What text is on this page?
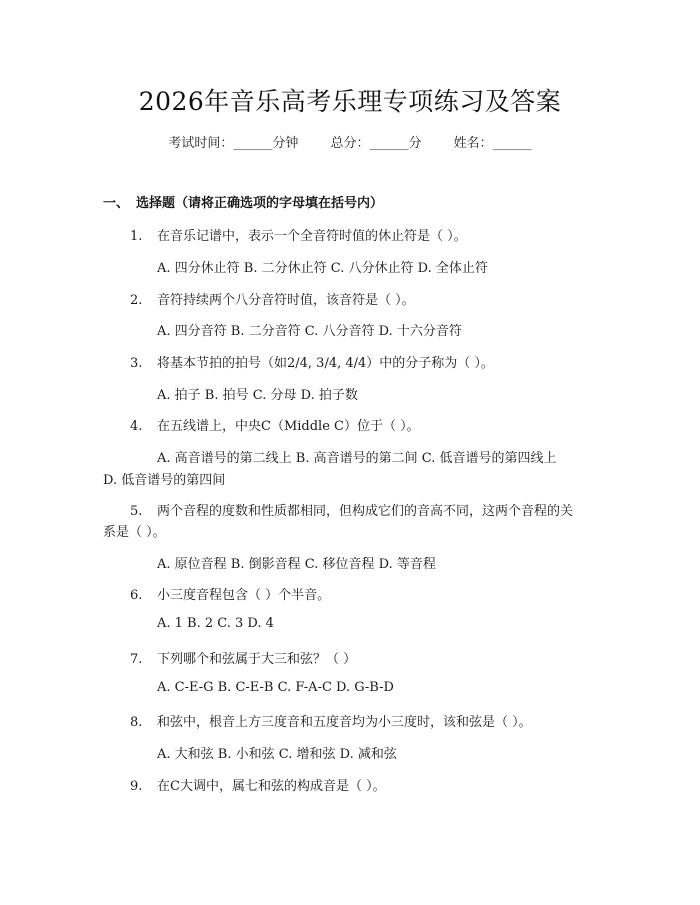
2026年音乐高考乐理专项练习及答案
考试时间：______分钟 总分：______分 姓名：______
一、 选择题（请将正确选项的字母填在括号内）
1. 在音乐记谱中，表示一个全音符时值的休止符是（ ）。
A. 四分休止符 B. 二分休止符 C. 八分休止符 D. 全体止符
2. 音符持续两个八分音符时值，该音符是（ ）。
A. 四分音符 B. 二分音符 C. 八分音符 D. 十六分音符
3. 将基本节拍的拍号（如2/4, 3/4, 4/4）中的分子称为（ ）。
A. 拍子 B. 拍号 C. 分母 D. 拍子数
4. 在五线谱上，中央C（Middle C）位于（ ）。
A. 高音谱号的第二线上 B. 高音谱号的第二间 C. 低音谱号的第四线上
D. 低音谱号的第四间
5. 两个音程的度数和性质都相同，但构成它们的音高不同，这两个音程的关
系是（ ）。
A. 原位音程 B. 倒影音程 C. 移位音程 D. 等音程
6. 小三度音程包含（ ）个半音。
A. 1 B. 2 C. 3 D. 4
7. 下列哪个和弦属于大三和弦？（ ）
A. C-E-G B. C-E-B C. F-A-C D. G-B-D
8. 和弦中，根音上方三度音和五度音均为小三度时，该和弦是（ ）。
A. 大和弦 B. 小和弦 C. 增和弦 D. 减和弦
9. 在C大调中，属七和弦的构成音是（ ）。
